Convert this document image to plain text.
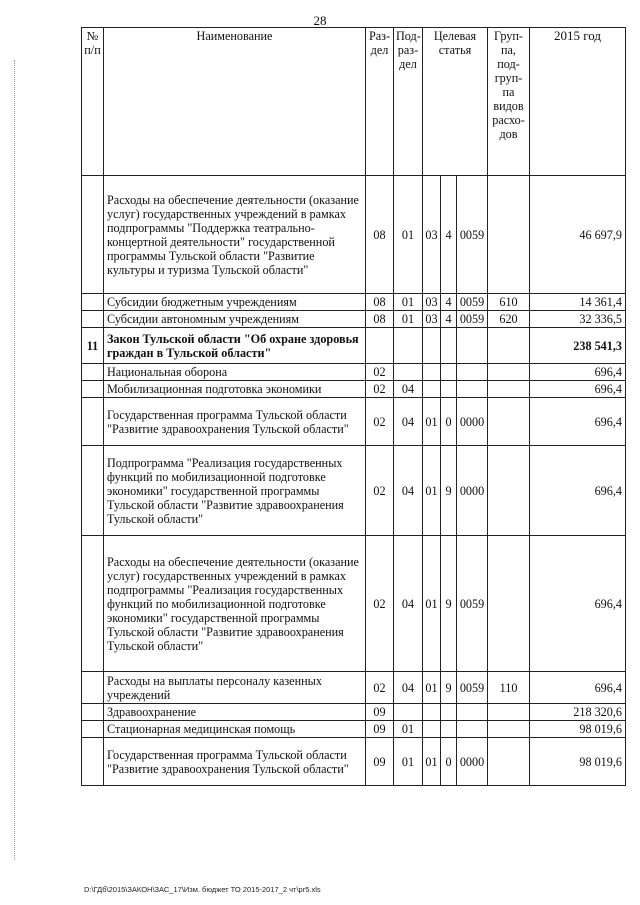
28
№ п/п	Наименование	Раз- дел	Под- раз- дел	Целевая статья			Груп- па, под- груп- па видов расхо- дов	2015 год
	Расходы на обеспечение деятельности (оказание услуг) государственных учреждений в рамках подпрограммы "Поддержка театрально-концертной деятельности" государственной программы Тульской области "Развитие культуры и туризма Тульской области"	08	01	03	4	0059		46 697,9
	Субсидии бюджетным учреждениям	08	01	03	4	0059	610	14 361,4
	Субсидии автономным учреждениям	08	01	03	4	0059	620	32 336,5
11	Закон Тульской области "Об охране здоровья граждан в Тульской области"							238 541,3
	Национальная оборона	02						696,4
	Мобилизационная подготовка экономики	02	04					696,4
	Государственная программа Тульской области "Развитие здравоохранения Тульской области"	02	04	01	0	0000		696,4
	Подпрограмма "Реализация государственных функций по мобилизационной подготовке экономики" государственной программы Тульской области "Развитие здравоохранения Тульской области"	02	04	01	9	0000		696,4
	Расходы на обеспечение деятельности (оказание услуг) государственных учреждений в рамках подпрограммы "Реализация государственных функций по мобилизационной подготовке экономики" государственной программы Тульской области "Развитие здравоохранения Тульской области"	02	04	01	9	0059		696,4
	Расходы на выплаты персоналу казенных учреждений	02	04	01	9	0059	110	696,4
	Здравоохранение	09						218 320,6
	Стационарная медицинская помощь	09	01					98 019,6
	Государственная программа Тульской области "Развитие здравоохранения Тульской области"	09	01	01	0	0000		98 019,6
D:\ГДб\2015\ЗАКОН\ЗАС_17\Изм. бюджет ТО 2015-2017_2 чт\pr5.xls
